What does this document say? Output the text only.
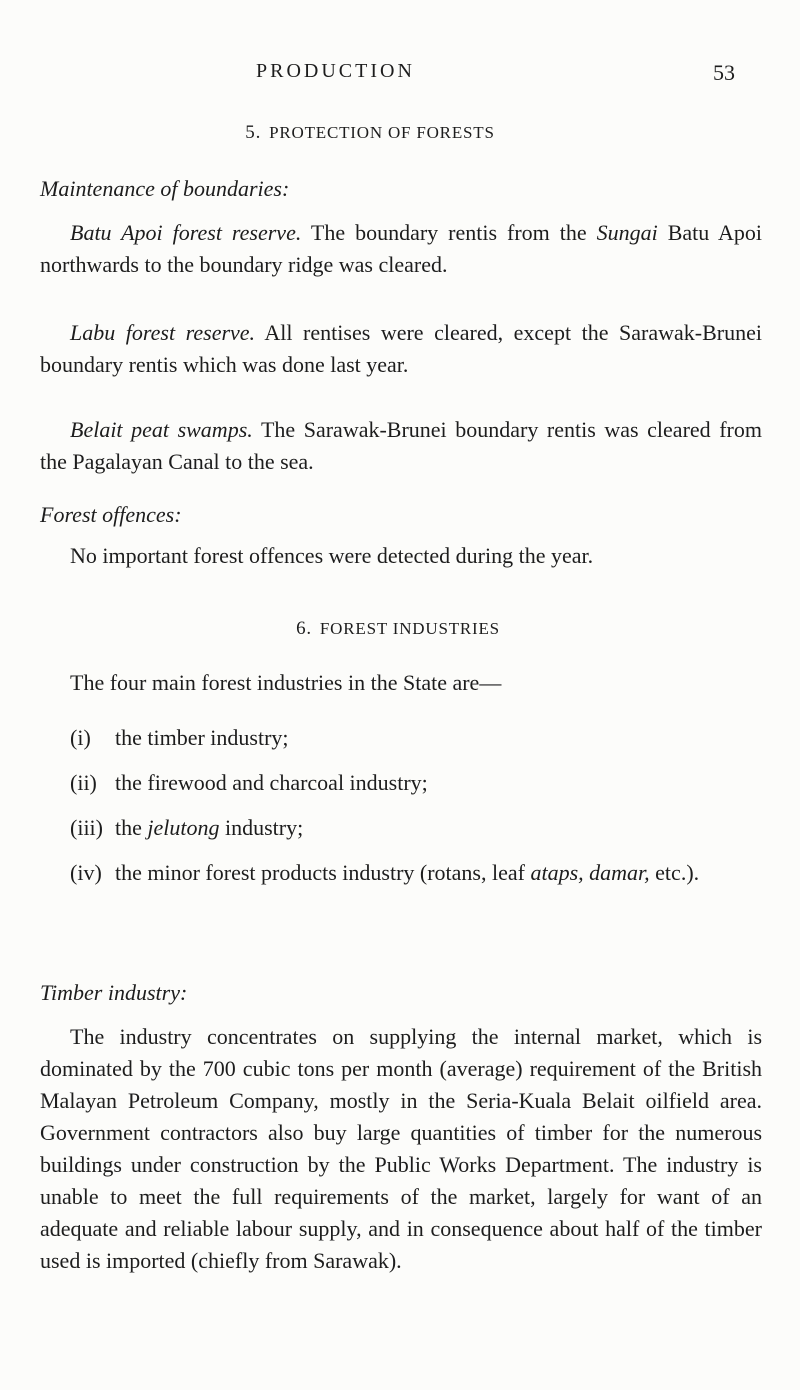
PRODUCTION	53
5. PROTECTION OF FORESTS
Maintenance of boundaries:

Batu Apoi forest reserve. The boundary rentis from the Sungai Batu Apoi northwards to the boundary ridge was cleared.

Labu forest reserve. All rentises were cleared, except the Sarawak-Brunei boundary rentis which was done last year.

Belait peat swamps. The Sarawak-Brunei boundary rentis was cleared from the Pagalayan Canal to the sea.

Forest offences:

No important forest offences were detected during the year.

6. FOREST INDUSTRIES

The four main forest industries in the State are—

(i) the timber industry;
(ii) the firewood and charcoal industry;
(iii) the jelutong industry;
(iv) the minor forest products industry (rotans, leaf ataps, damar, etc.).
Timber industry:

The industry concentrates on supplying the internal market, which is dominated by the 700 cubic tons per month (average) requirement of the British Malayan Petroleum Company, mostly in the Seria-Kuala Belait oilfield area. Government contractors also buy large quantities of timber for the numerous buildings under construction by the Public Works Department. The industry is unable to meet the full requirements of the market, largely for want of an adequate and reliable labour supply, and in consequence about half of the timber used is imported (chiefly from Sarawak).
